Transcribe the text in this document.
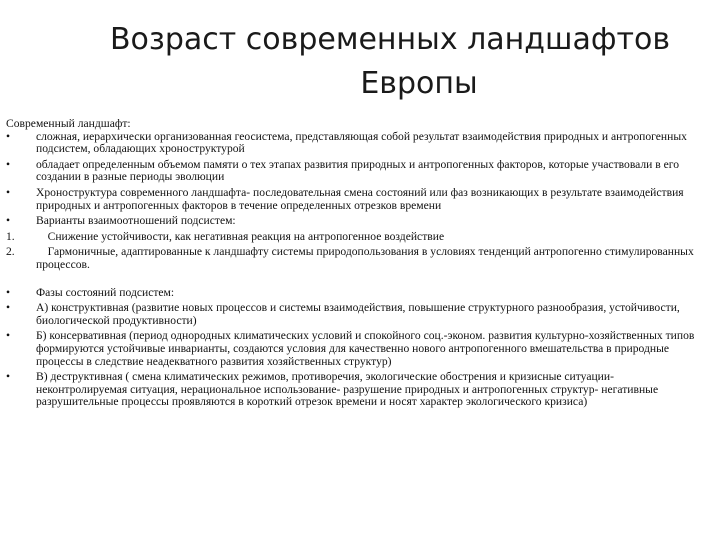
Возраст современных ландшафтов
Европы
Современный ландшафт:
•	сложная, иерархически организованная геосистема, представляющая собой результат взаимодействия природных и антропогенных подсистем, обладающих хроноструктурой
•	обладает определенным объемом памяти о тех этапах развития природных и антропогенных факторов, которые участвовали в его создании в разные периоды эволюции
•	Хроноструктура современного ландшафта- последовательная смена состояний или фаз возникающих в результате взаимодействия природных и антропогенных факторов в течение определенных отрезков времени
•	Варианты взаимоотношений подсистем:
1.	Снижение устойчивости, как негативная реакция на антропогенное воздействие
2.	Гармоничные, адаптированные к ландшафту системы природопользования в условиях тенденций антропогенно стимулированных процессов.
•	Фазы состояний подсистем:
•	А) конструктивная (развитие новых процессов и системы взаимодействия, повышение структурного разнообразия, устойчивости, биологической продуктивности)
•	Б) консервативная (период однородных климатических условий и спокойного соц.-эконом. развития культурно-хозяйственных типов формируются устойчивые инварианты, создаются условия для качественно нового антропогенного вмешательства в природные процессы в следствие неадекватного развития хозяйственных структур)
•	В) деструктивная ( смена климатических режимов, противоречия, экологические обострения и кризисные ситуации- неконтролируемая ситуация, нерациональное использование- разрушение природных и антропогенных структур- негативные разрушительные процессы проявляются в короткий отрезок времени и носят характер экологического кризиса)
